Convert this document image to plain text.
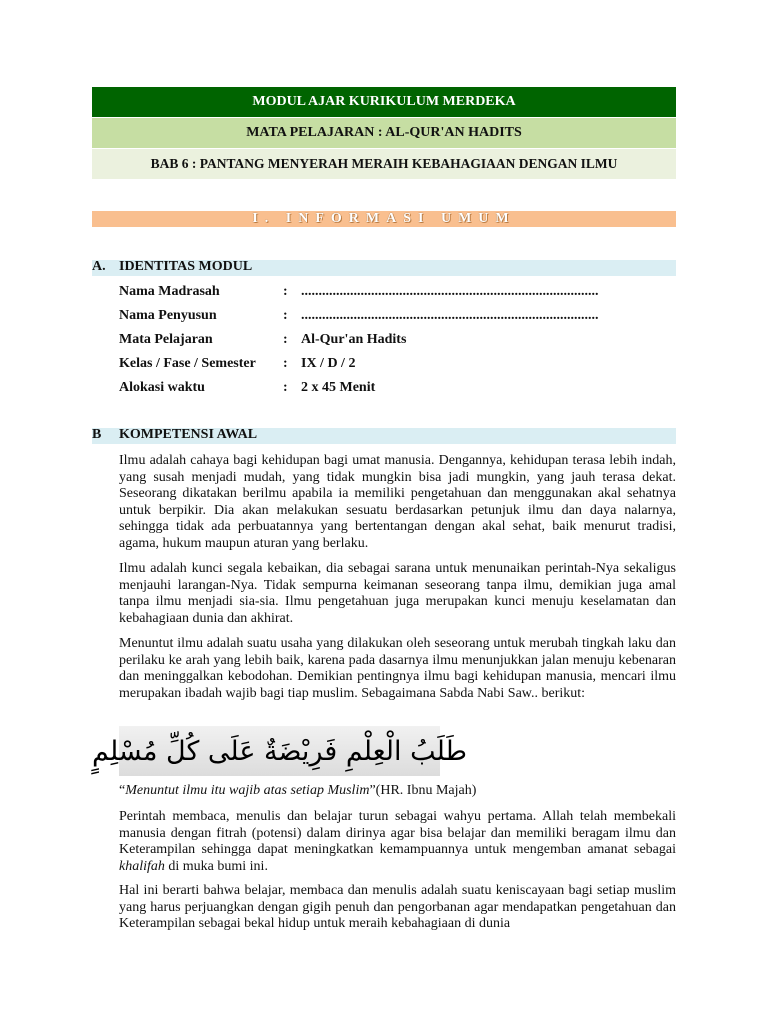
MODUL AJAR KURIKULUM MERDEKA
MATA PELAJARAN : AL-QUR'AN HADITS
BAB 6 : PANTANG MENYERAH MERAIH KEBAHAGIAAN DENGAN ILMU
I. INFORMASI UMUM
A. IDENTITAS MODUL
Nama Madrasah	: .....................................................................................
Nama Penyusun	: .....................................................................................
Mata Pelajaran	: Al-Qur'an Hadits
Kelas / Fase / Semester : IX / D / 2
Alokasi waktu	: 2 x 45 Menit
B KOMPETENSI AWAL

Ilmu adalah cahaya bagi kehidupan bagi umat manusia. Dengannya, kehidupan terasa lebih indah, yang susah menjadi mudah, yang tidak mungkin bisa jadi mungkin, yang jauh terasa dekat. Seseorang dikatakan berilmu apabila ia memiliki pengetahuan dan menggunakan akal sehatnya untuk berpikir. Dia akan melakukan sesuatu berdasarkan petunjuk ilmu dan daya nalarnya, sehingga tidak ada perbuatannya yang bertentangan dengan akal sehat, baik menurut tradisi, agama, hukum maupun aturan yang berlaku.

Ilmu adalah kunci segala kebaikan, dia sebagai sarana untuk menunaikan perintah-Nya sekaligus menjauhi larangan-Nya. Tidak sempurna keimanan seseorang tanpa ilmu, demikian juga amal tanpa ilmu menjadi sia-sia. Ilmu pengetahuan juga merupakan kunci menuju keselamatan dan kebahagiaan dunia dan akhirat.

Menuntut ilmu adalah suatu usaha yang dilakukan oleh seseorang untuk merubah tingkah laku dan perilaku ke arah yang lebih baik, karena pada dasarnya ilmu menunjukkan jalan menuju kebenaran dan meninggalkan kebodohan. Demikian pentingnya ilmu bagi kehidupan manusia, mencari ilmu merupakan ibadah wajib bagi tiap muslim. Sebagaimana Sabda Nabi Saw.. berikut:

طَلَبُ الْعِلْمِ فَرِيْضَةٌ عَلَى كُلِّ مُسْلِمٍ
“Menuntut ilmu itu wajib atas setiap Muslim”(HR. Ibnu Majah)

Perintah membaca, menulis dan belajar turun sebagai wahyu pertama. Allah telah membekali manusia dengan fitrah (potensi) dalam dirinya agar bisa belajar dan memiliki beragam ilmu dan Keterampilan sehingga dapat meningkatkan kemampuannya untuk mengemban amanat sebagai khalifah di muka bumi ini.

Hal ini berarti bahwa belajar, membaca dan menulis adalah suatu keniscayaan bagi setiap muslim yang harus perjuangkan dengan gigih penuh dan pengorbanan agar mendapatkan pengetahuan dan Keterampilan sebagai bekal hidup untuk meraih kebahagiaan di dunia
